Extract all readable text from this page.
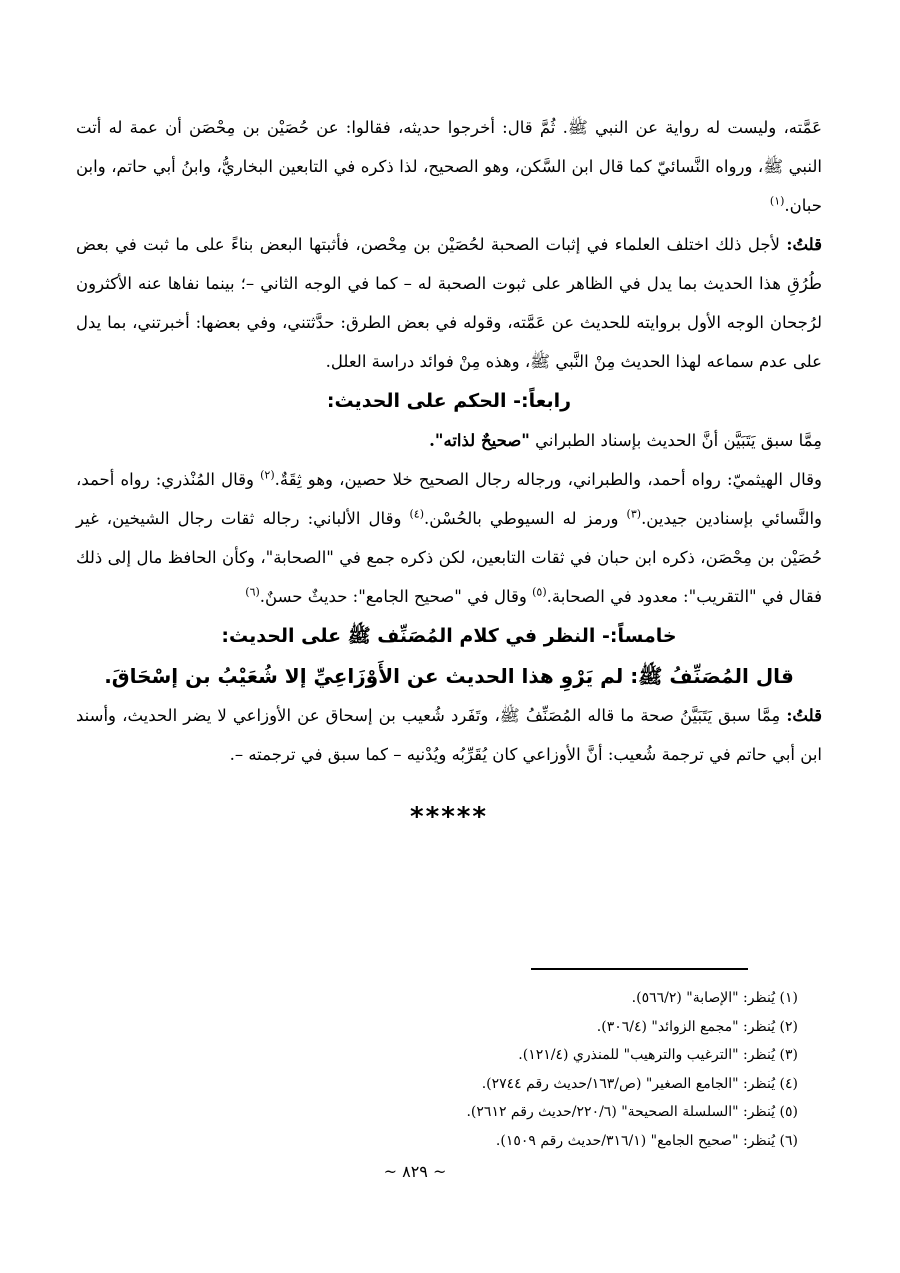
عَمَّته، وليست له رواية عن النبي ﷺ. ثُمَّ قال: أخرجوا حديثه، فقالوا: عن حُصَيْن بن مِحْصَن أن عمة له أتت النبي ﷺ، ورواه النَّسائيّ كما قال ابن السَّكن، وهو الصحيح، لذا ذكره في التابعين البخاريُّ، وابنُ أبي حاتم، وابن حبان.$^{(١)}$

قلتُ: لأجل ذلك اختلف العلماء في إثبات الصحبة لحُصَيْن بن مِحْصن، فأثبتها البعض بناءً على ما ثبت في بعض طُرُقِ هذا الحديث بما يدل في الظاهر على ثبوت الصحبة له – كما في الوجه الثاني –؛ بينما نفاها عنه الأكثرون لرُجحان الوجه الأول بروايته للحديث عن عَمَّته، وقوله في بعض الطرق: حدَّثتني، وفي بعضها: أخبرتني، بما يدل على عدم سماعه لهذا الحديث مِنْ النَّبي ﷺ، وهذه مِنْ فوائد دراسة العلل.

رابعاً:- الحكم على الحديث:

مِمَّا سبق يَتَبَيَّن أنَّ الحديث بإسناد الطبراني "صحيحٌ لذاته".

وقال الهيثميّ: رواه أحمد، والطبراني، ورجاله رجال الصحيح خلا حصين، وهو ثِقَةٌ.$^{(٢)}$ وقال المُنْذري: رواه أحمد، والنَّسائي بإسنادين جيدين.$^{(٣)}$ ورمز له السيوطي بالحُسْن.$^{(٤)}$ وقال الألباني: رجاله ثقات رجال الشيخين، غير حُصَيْن بن مِحْصَن، ذكره ابن حبان في ثقات التابعين، لكن ذكره جمع في "الصحابة"، وكأن الحافظ مال إلى ذلك فقال في "التقريب": معدود في الصحابة.$^{(٥)}$ وقال في "صحيح الجامع": حديثٌ حسنٌ.$^{(٦)}$

خامساً:- النظر في كلام المُصَنِّف ﷺ على الحديث:

قال المُصَنِّفُ ﷺ: لم يَرْوِ هذا الحديث عن الأَوْزَاعِيِّ إلا شُعَيْبُ بن إسْحَاقَ.

قلتُ: مِمَّا سبق يَتَبَيَّنُ صحة ما قاله المُصَنِّفُ ﷺ، وتَفَرد شُعيب بن إسحاق عن الأوزاعي لا يضر الحديث، وأسند ابن أبي حاتم في ترجمة شُعيب: أنَّ الأوزاعي كان يُقَرِّبُه ويُدْنيه – كما سبق في ترجمته –.

*****
(١) يُنظر: "الإصابة" (٥٦٦/٢).
(٢) يُنظر: "مجمع الزوائد" (٣٠٦/٤).
(٣) يُنظر: "الترغيب والترهيب" للمنذري (١٢١/٤).
(٤) يُنظر: "الجامع الصغير" (ص/١٦٣/حديث رقم ٢٧٤٤).
(٥) يُنظر: "السلسلة الصحيحة" (٢٢٠/٦/حديث رقم ٢٦١٢).
(٦) يُنظر: "صحيح الجامع" (٣١٦/١/حديث رقم ١٥٠٩).
~ ٨٢٩ ~
